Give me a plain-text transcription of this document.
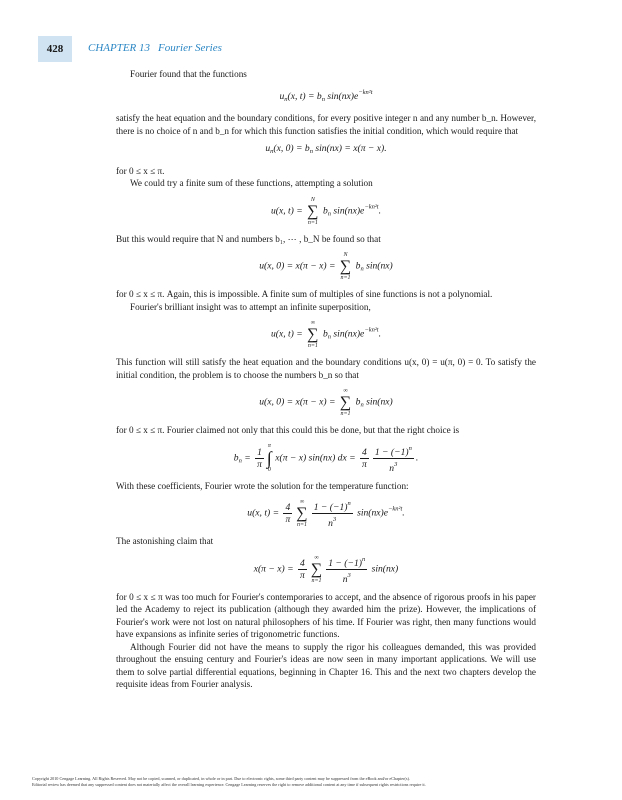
428	CHAPTER 13 Fourier Series

Fourier found that the functions

$u_n(x$, $t) = b_n$ $\sin(nx)e^{-kn^2t}$

satisfy the heat equation and the boundary conditions, for every positive integer n and any number b_n. However, there is no choice of n and b_n for which this function satisfies the initial condition, which would require that

$u_n(x$, $0) = b_n$ sin(nx) = x(π − x).

for 0 ≤ x ≤ π.

We could try a finite sum of these functions, attempting a solution

u(x, t) =
N
∑
n=1
$b_n$ $\sin(nx)e^{-kn^2t}$.

But this would require that N and numbers b₁, ⋯ , b_N be found so that

u(x, 0) = x(π − x) =
N
∑
n=1
$b_n$ sin(nx)

for 0 ≤ x ≤ π. Again, this is impossible. A finite sum of multiples of sine functions is not a polynomial.

Fourier's brilliant insight was to attempt an infinite superposition,

u(x, t) =
∞
∑
n=1
$b_n$ $\sin(nx)e^{-kn^2t}$.

This function will still satisfy the heat equation and the boundary conditions u(x, 0) = u(π, 0) = 0. To satisfy the initial condition, the problem is to choose the numbers b_n so that

u(x, 0) = x(π − x) =
∞
∑
n=1
$b_n$ sin(nx)

for 0 ≤ x ≤ π. Fourier claimed not only that this could this be done, but that the right choice is

$b_n = \frac{1}{\pi}$
π
∫
0
x(π − x) sin(nx) dx = $\frac{4}{\pi} \frac{1 - (-1)^n}{n^3}$ .

With these coefficients, Fourier wrote the solution for the temperature function:

u(x, $t) = \frac{4}{\pi}$ ∞
∑
$n=1 \frac{1 - (-1)^n}{n^3} \sin(nx)e^{-kn^2t}$.

The astonishing claim that

$x(\pi - x) = \frac{4}{\pi}$ ∞
∑
$n=1 \frac{1 - (-1)^n}{n^3} \sin(nx)$

for 0 ≤ x ≤ π was too much for Fourier's contemporaries to accept, and the absence of rigorous proofs in his paper led the Academy to reject its publication (although they awarded him the prize). However, the implications of Fourier's work were not lost on natural philosophers of his time. If Fourier was right, then many functions would have expansions as infinite series of trigonometric functions.

Although Fourier did not have the means to supply the rigor his colleagues demanded, this was provided throughout the ensuing century and Fourier's ideas are now seen in many important applications. We will use them to solve partial differential equations, beginning in Chapter 16. This and the next two chapters develop the requisite ideas from Fourier analysis.

Copyright 2010 Cengage Learning. All Rights Reserved. May not be copied, scanned, or duplicated, in whole or in part. Due to electronic rights, some third party content may be suppressed from the eBook and/or eChapter(s).
Editorial review has deemed that any suppressed content does not materially affect the overall learning experience. Cengage Learning reserves the right to remove additional content at any time if subsequent rights restrictions require it.
